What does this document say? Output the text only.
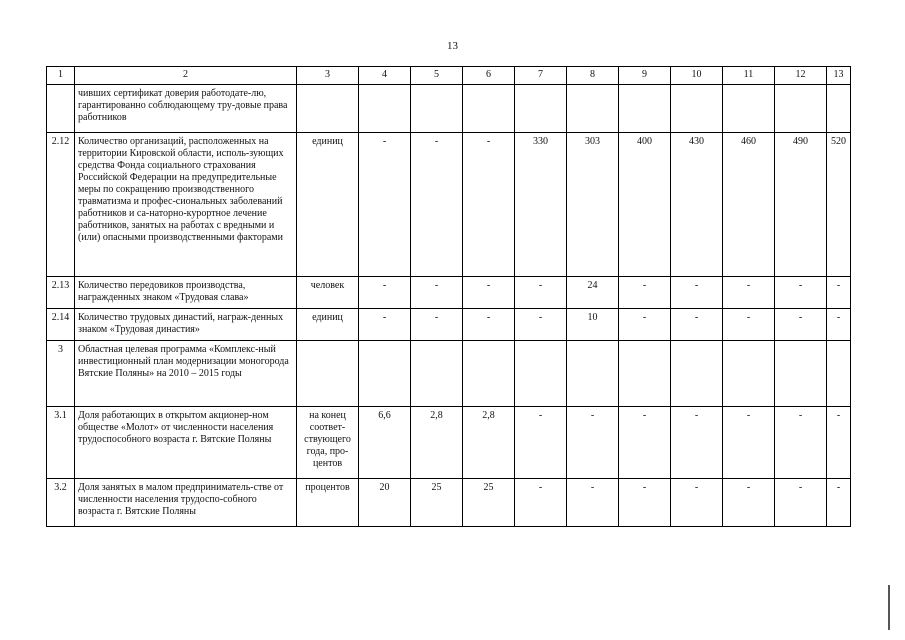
13
1	2	3	4	5	6	7	8	9	10	11	12	13
	чивших сертификат доверия работодате-лю, гарантированно соблюдающему тру-довые права работников											
2.12	Количество организаций, расположенных на территории Кировской области, исполь-зующих средства Фонда социального страхования Российской Федерации на предупредительные меры по сокращению производственного травматизма и профес-сиональных заболеваний работников и са-наторно-курортное лечение работников, занятых на работах с вредными и (или) опасными производственными факторами	единиц	-	-	-	330	303	400	430	460	490	520
2.13	Количество передовиков производства, награжденных знаком «Трудовая слава»	человек	-	-	-	-	24	-	-	-	-	-
2.14	Количество трудовых династий, награж-денных знаком «Трудовая династия»	единиц	-	-	-	-	10	-	-	-	-	-
3	Областная целевая программа «Комплекс-ный инвестиционный план модернизации моногорода Вятские Поляны» на 2010 – 2015 годы											
3.1	Доля работающих в открытом акционер-ном обществе «Молот» от численности населения трудоспособного возраста г. Вятские Поляны	на конец соответ-ствующего года, про-центов	6,6	2,8	2,8	-	-	-	-	-	-	-
3.2	Доля занятых в малом предприниматель-стве от численности населения трудоспо-собного возраста г. Вятские Поляны	процентов	20	25	25	-	-	-	-	-	-	-
